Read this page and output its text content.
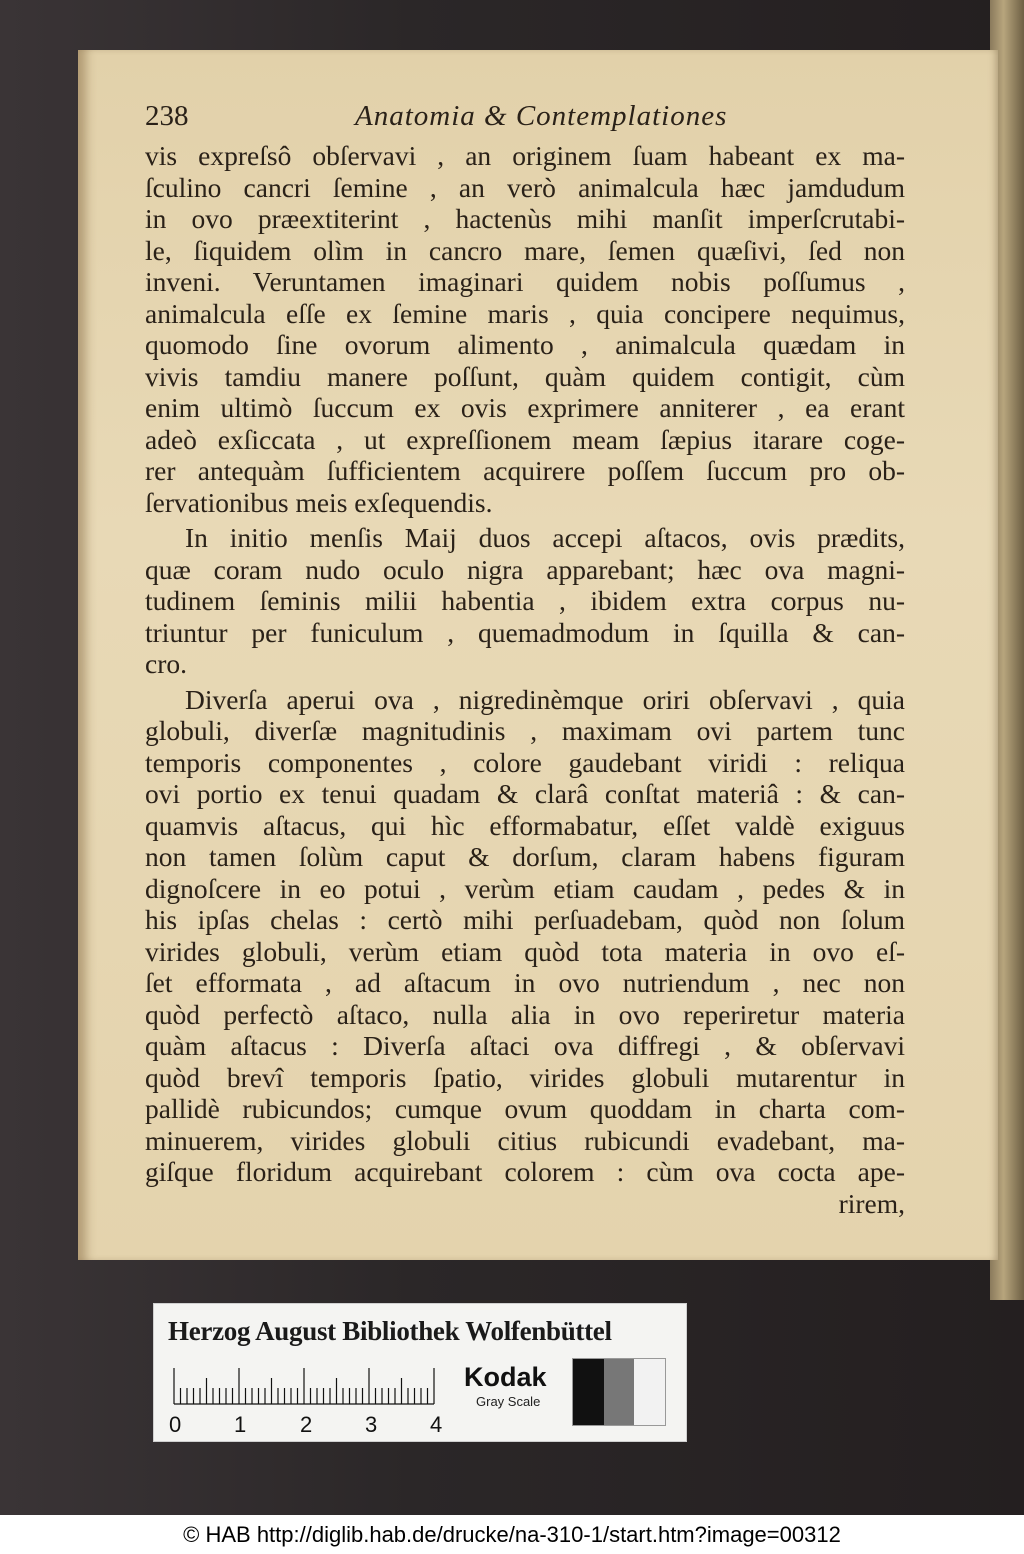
238	Anatomia & Contemplationes
vis expreſsô obſervavi , an originem ſuam habeant ex ma-
ſculino cancri ſemine , an verò animalcula hæc jamdudum
in ovo præextiterint , hactenùs mihi manſit imperſcrutabi-
le, ſiquidem olìm in cancro mare, ſemen quæſivi, ſed non
inveni. Veruntamen imaginari quidem nobis poſſumus ,
animalcula eſſe ex ſemine maris , quia concipere nequimus,
quomodo ſine ovorum alimento , animalcula quædam in
vivis tamdiu manere poſſunt, quàm quidem contigit, cùm
enim ultimò ſuccum ex ovis exprimere anniterer , ea erant
adeò exſiccata , ut expreſſionem meam ſæpius itarare coge-
rer antequàm ſufficientem acquirere poſſem ſuccum pro ob-
ſervationibus meis exſequendis.
In initio menſis Maij duos accepi aſtacos, ovis prædits,
quæ coram nudo oculo nigra apparebant; hæc ova magni-
tudinem ſeminis milii habentia , ibidem extra corpus nu-
triuntur per funiculum , quemadmodum in ſquilla & can-
cro.
Diverſa aperui ova , nigredinèmque oriri obſervavi , quia
globuli, diverſæ magnitudinis , maximam ovi partem tunc
temporis componentes , colore gaudebant viridi : reliqua
ovi portio ex tenui quadam & clarâ conſtat materiâ : & can-
quamvis aſtacus, qui hìc efformabatur, eſſet valdè exiguus
non tamen ſolùm caput & dorſum, claram habens figuram
dignoſcere in eo potui , verùm etiam caudam , pedes & in
his ipſas chelas : certò mihi perſuadebam, quòd non ſolum
virides globuli, verùm etiam quòd tota materia in ovo eſ-
ſet efformata , ad aſtacum in ovo nutriendum , nec non
quòd perfectò aſtaco, nulla alia in ovo reperiretur materia
quàm aſtacus : Diverſa aſtaci ova diffregi , & obſervavi
quòd brevî temporis ſpatio, virides globuli mutarentur in
pallidè rubicundos; cumque ovum quoddam in charta com-
minuerem, virides globuli citius rubicundi evadebant, ma-
giſque floridum acquirebant colorem : cùm ova cocta ape-
rirem,
Herzog August Bibliothek Wolfenbüttel
0 1 2 3 4
Kodak
Gray Scale
© HAB http://diglib.hab.de/drucke/na-310-1/start.htm?image=00312
